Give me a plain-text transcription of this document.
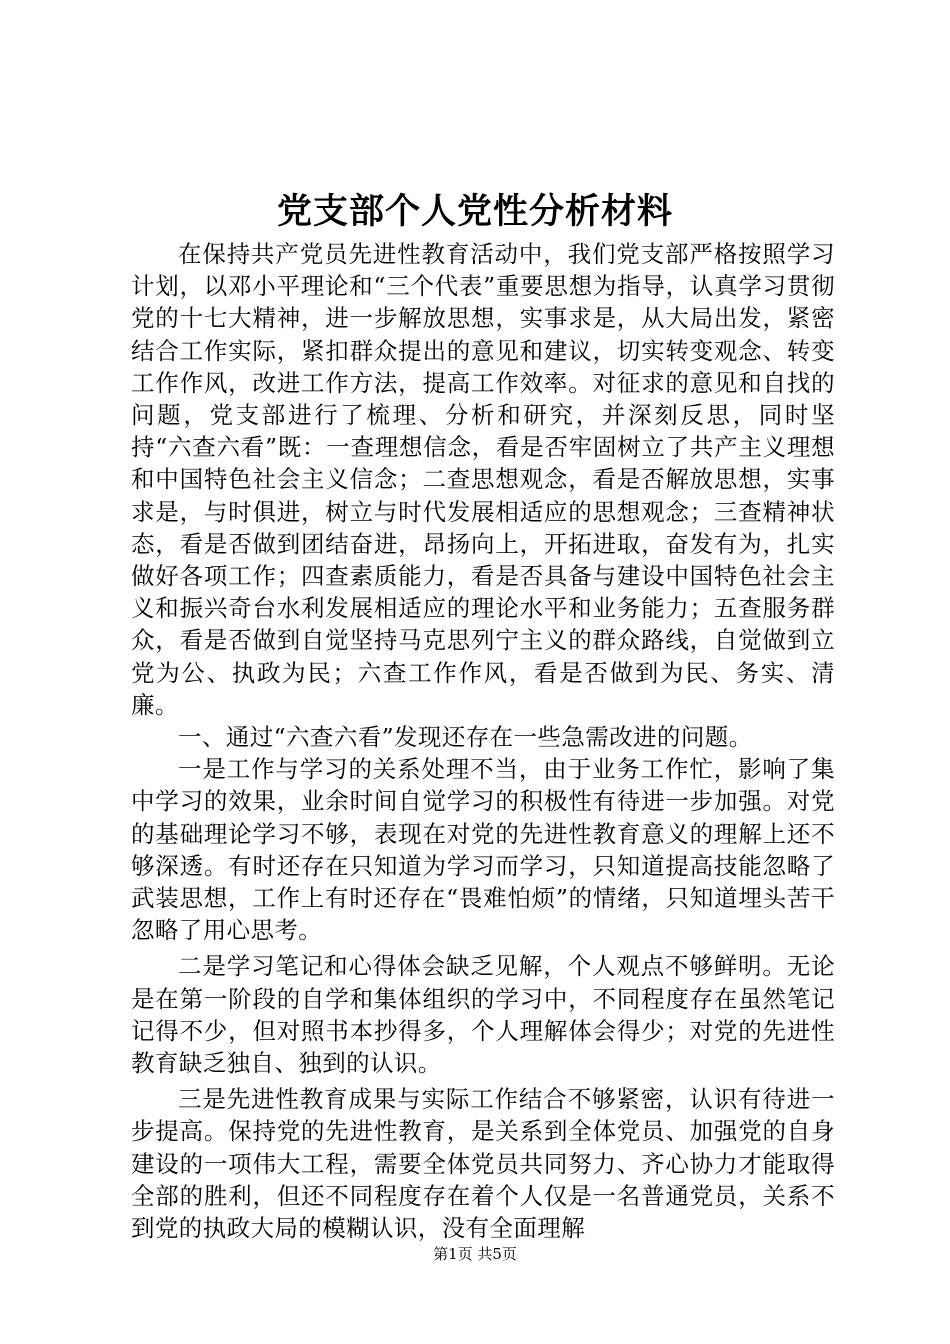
党支部个人党性分析材料

在保持共产党员先进性教育活动中，我们党支部严格按照学习计划，以邓小平理论和“三个代表”重要思想为指导，认真学习贯彻党的十七大精神，进一步解放思想，实事求是，从大局出发，紧密结合工作实际，紧扣群众提出的意见和建议，切实转变观念、转变工作作风，改进工作方法，提高工作效率。对征求的意见和自找的问题，党支部进行了梳理、分析和研究，并深刻反思，同时坚持“六查六看”既：一查理想信念，看是否牢固树立了共产主义理想和中国特色社会主义信念；二查思想观念，看是否解放思想，实事求是，与时俱进，树立与时代发展相适应的思想观念；三查精神状态，看是否做到团结奋进，昂扬向上，开拓进取，奋发有为，扎实做好各项工作；四查素质能力，看是否具备与建设中国特色社会主义和振兴奇台水利发展相适应的理论水平和业务能力；五查服务群众，看是否做到自觉坚持马克思列宁主义的群众路线，自觉做到立党为公、执政为民；六查工作作风，看是否做到为民、务实、清廉。

一、通过“六查六看”发现还存在一些急需改进的问题。

一是工作与学习的关系处理不当，由于业务工作忙，影响了集中学习的效果，业余时间自觉学习的积极性有待进一步加强。对党的基础理论学习不够，表现在对党的先进性教育意义的理解上还不够深透。有时还存在只知道为学习而学习，只知道提高技能忽略了武装思想，工作上有时还存在“畏难怕烦”的情绪，只知道埋头苦干忽略了用心思考。

二是学习笔记和心得体会缺乏见解，个人观点不够鲜明。无论是在第一阶段的自学和集体组织的学习中，不同程度存在虽然笔记记得不少，但对照书本抄得多，个人理解体会得少；对党的先进性教育缺乏独自、独到的认识。

三是先进性教育成果与实际工作结合不够紧密，认识有待进一步提高。保持党的先进性教育，是关系到全体党员、加强党的自身建设的一项伟大工程，需要全体党员共同努力、齐心协力才能取得全部的胜利，但还不同程度存在着个人仅是一名普通党员，关系不到党的执政大局的模糊认识，没有全面理解

第1页 共5页
